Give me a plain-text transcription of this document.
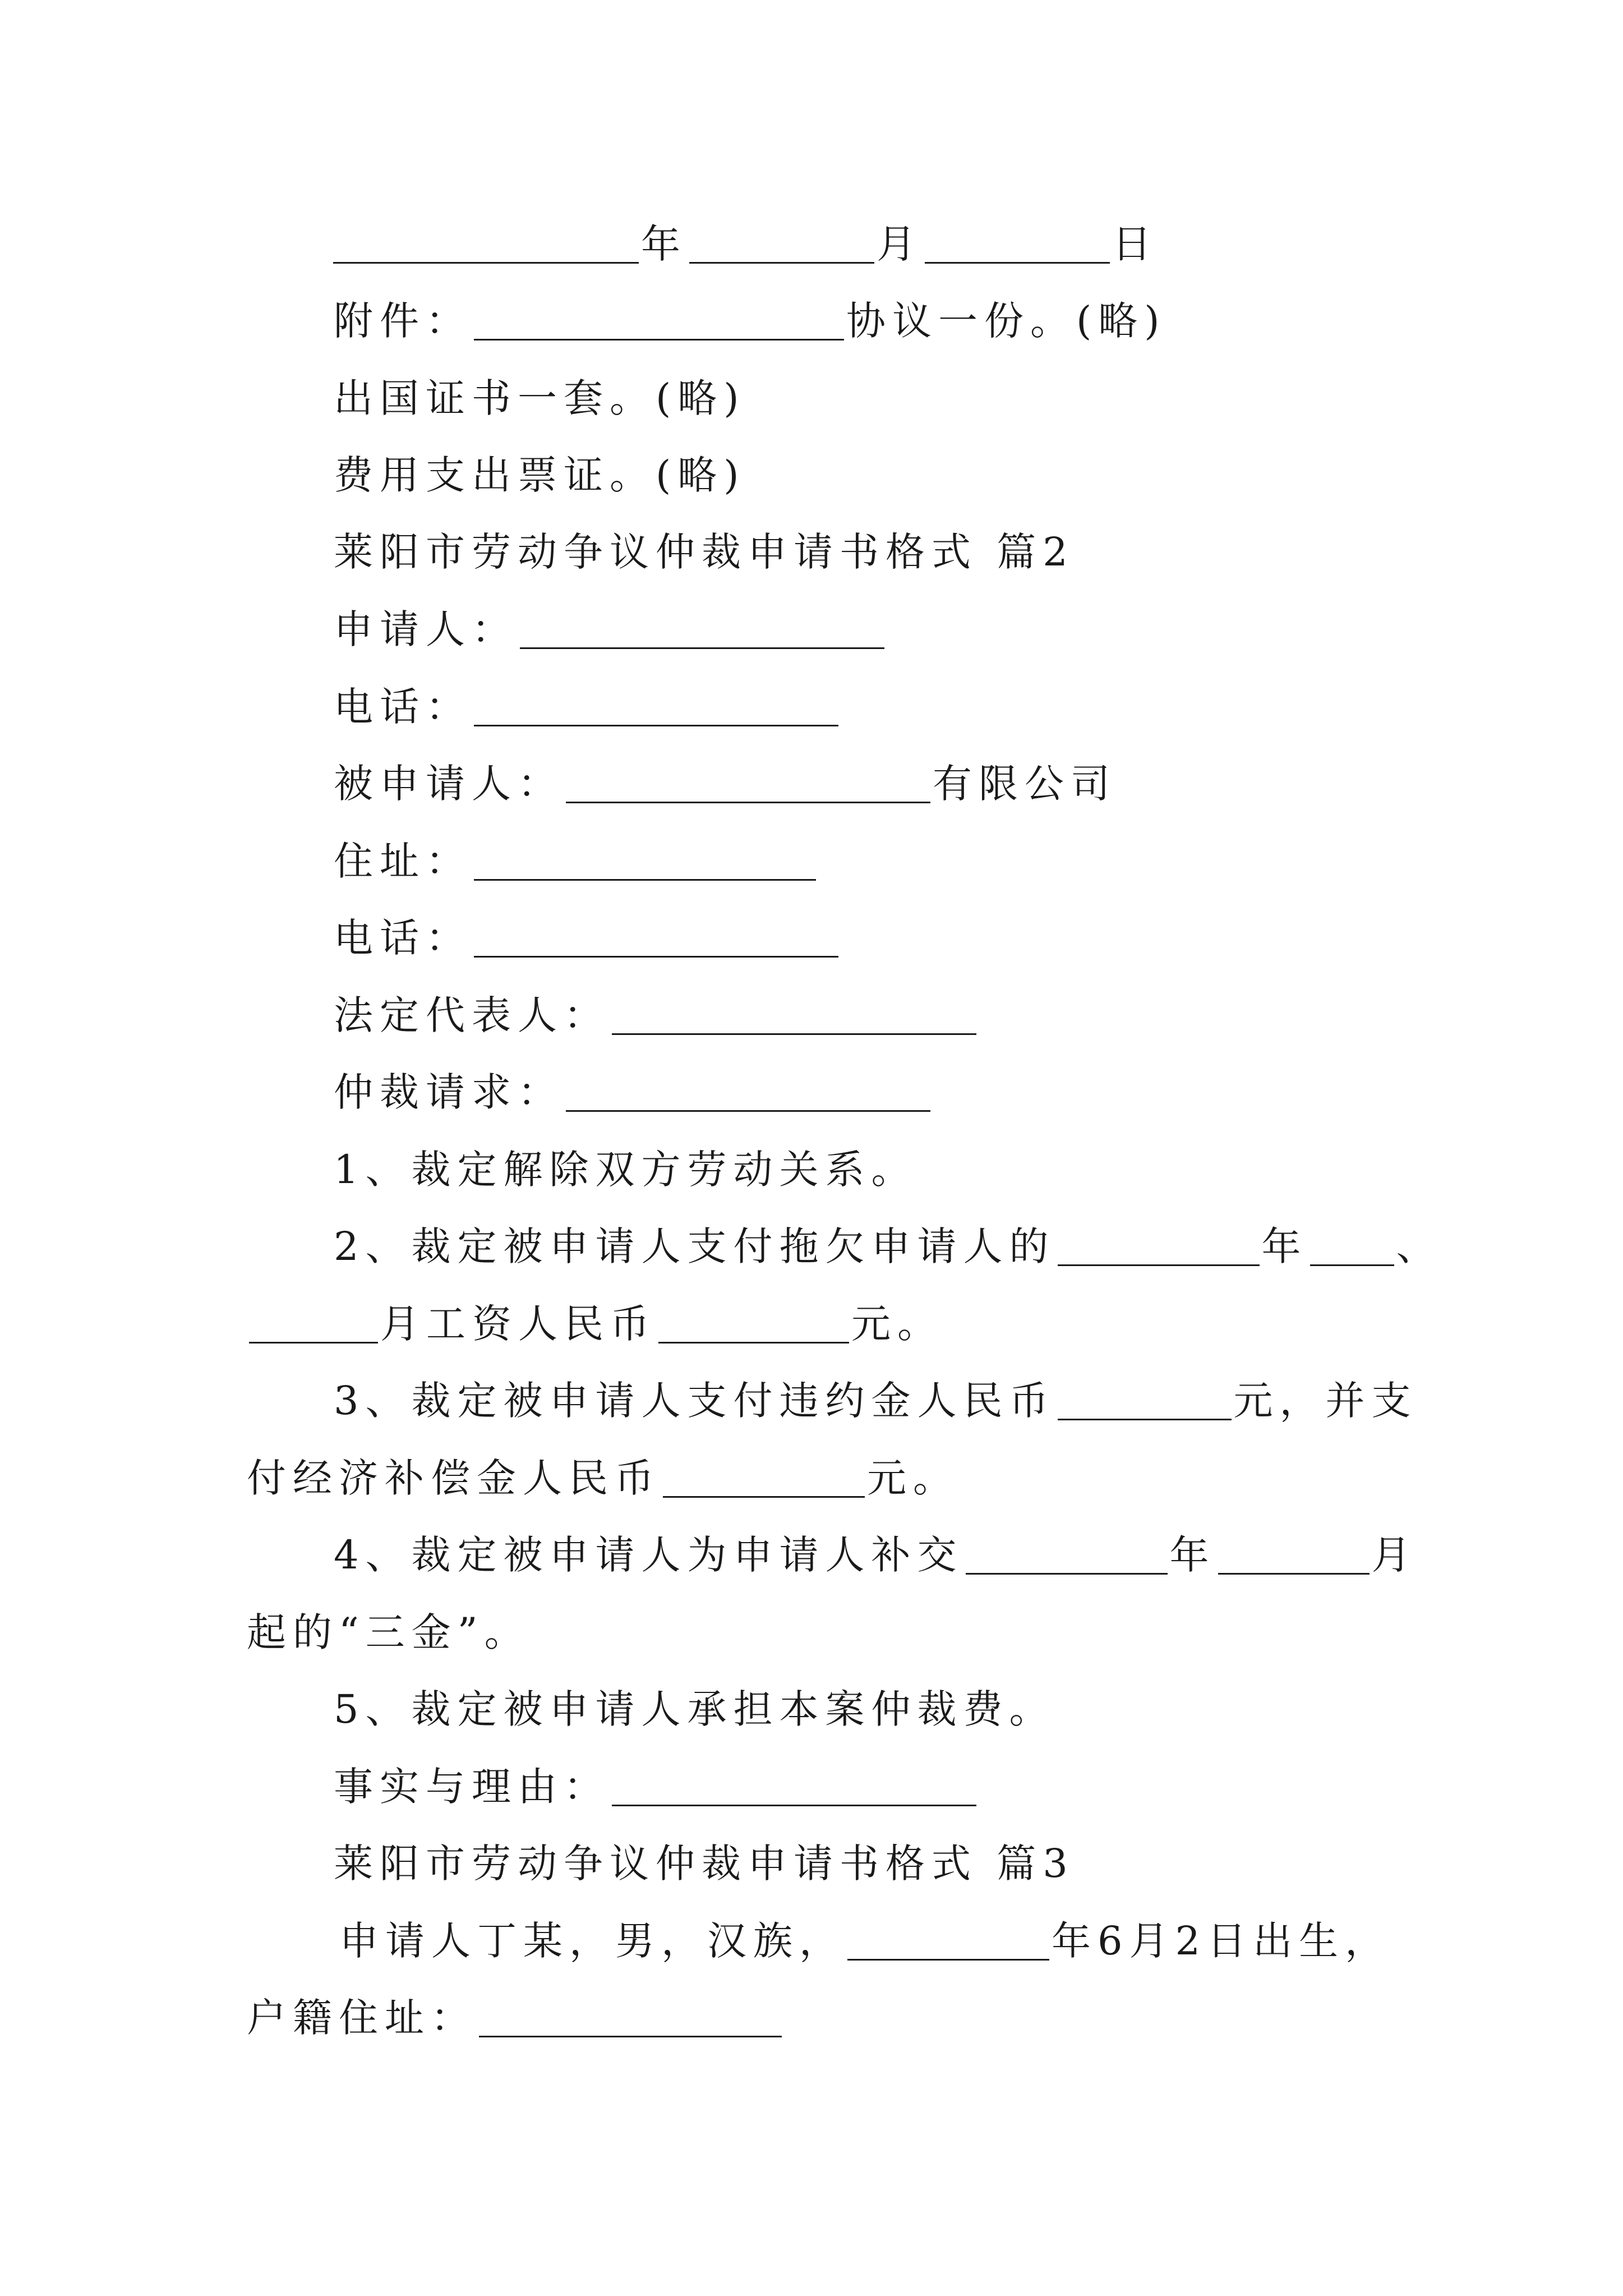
年	月	日
附件：	协议一份。(略)
出国证书一套。(略)
费用支出票证。(略)
莱阳市劳动争议仲裁申请书格式 篇2
申请人：
电话：
被申请人：	有限公司
住址：
电话：
法定代表人：
仲裁请求：
1、裁定解除双方劳动关系。
2、裁定被申请人支付拖欠申请人的	年 、
月工资人民币	元。
3、裁定被申请人支付违约金人民币	元，并支
付经济补偿金人民币	元。
4、裁定被申请人为申请人补交	年	月
起的“三金”。
5、裁定被申请人承担本案仲裁费。
事实与理由：
莱阳市劳动争议仲裁申请书格式 篇3
申请人丁某，男，汉族，	年6月2日出生，
户籍住址：
